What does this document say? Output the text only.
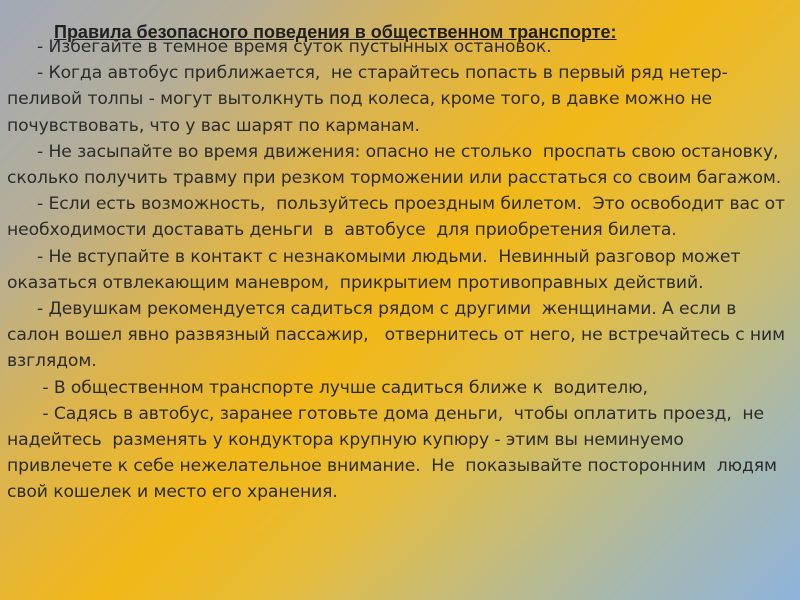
Правила безопасного поведения в общественном транспорте:

- Избегайте в темное время суток пустынных остановок.

- Когда автобус приближается,  не старайтесь попасть в первый ряд нетер-пеливой толпы - могут вытолкнуть под колеса, кроме того, в давке можно не почувствовать, что у вас шарят по карманам.

- Не засыпайте во время движения: опасно не столько  проспать свою остановку, сколько получить травму при резком торможении или расстаться со своим багажом.

- Если есть возможность,  пользуйтесь проездным билетом.  Это освободит вас от необходимости доставать деньги  в  автобусе  для приобретения билета.

- Не вступайте в контакт с незнакомыми людьми.  Невинный разговор может оказаться отвлекающим маневром,  прикрытием противоправных действий.

- Девушкам рекомендуется садиться рядом с другими  женщинами. А если в салон вошел явно развязный пассажир,   отвернитесь от него, не встречайтесь с ним взглядом.

- В общественном транспорте лучше садиться ближе к  водителю,

- Садясь в автобус, заранее готовьте дома деньги,  чтобы оплатить проезд,  не надейтесь  разменять у кондуктора крупную купюру - этим вы неминуемо привлечете к себе нежелательное внимание.  Не  показывайте посторонним  людям свой кошелек и место его хранения.
